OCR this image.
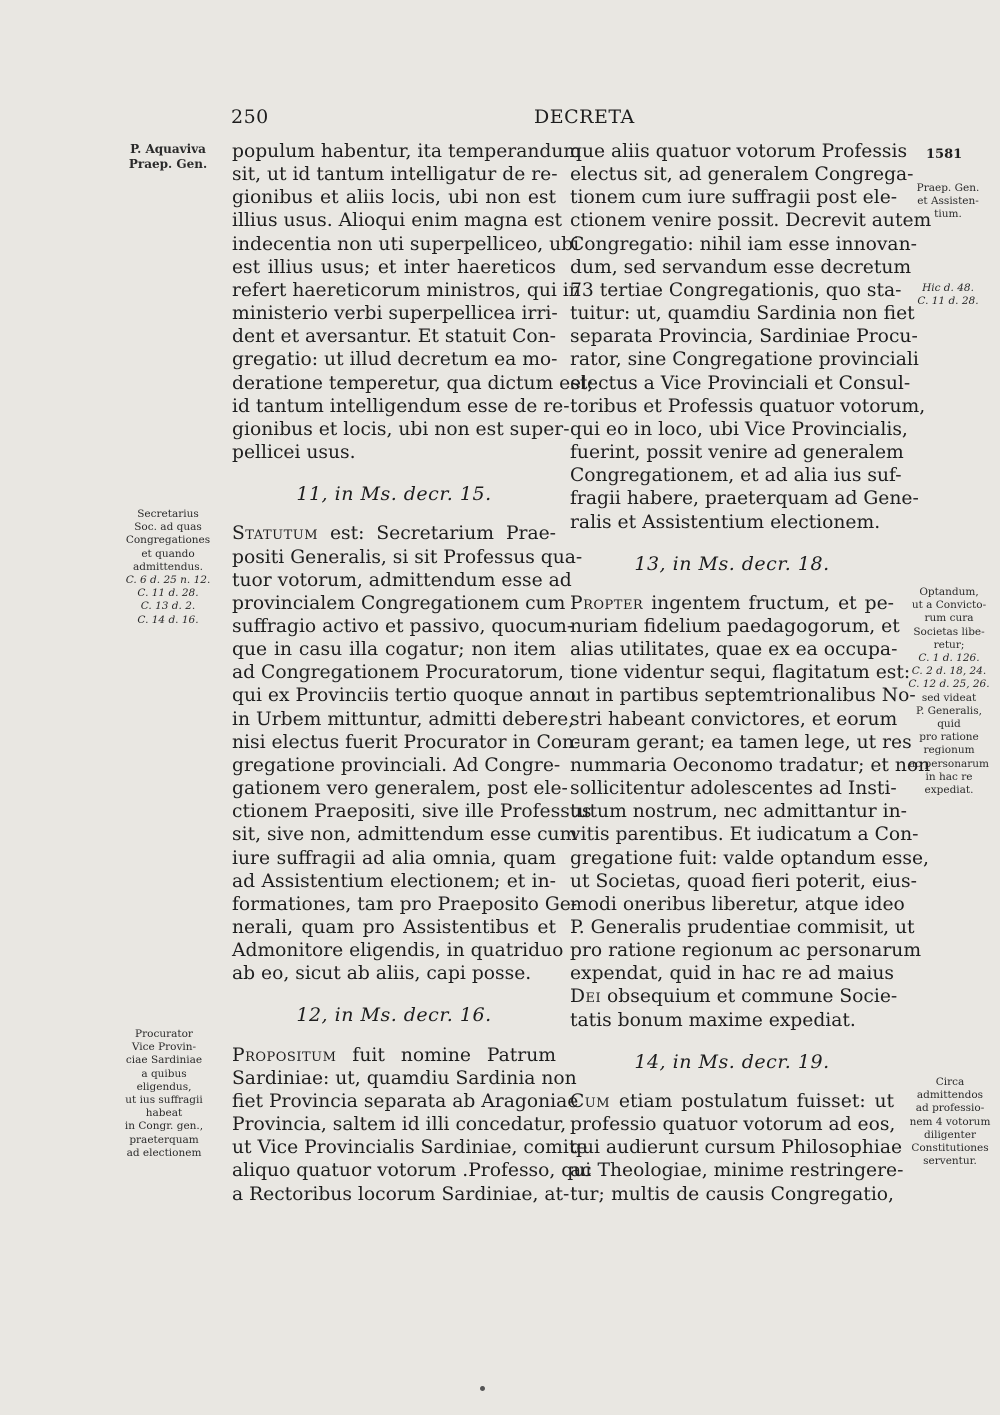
250	DECRETA
P. Aquaviva
Praep. Gen.
Secretarius
Soc. ad quas
Congregationes
et quando
admittendus.
C. 6 d. 25 n. 12.
C. 11 d. 28.
C. 13 d. 2.
C. 14 d. 16.
Procurator
Vice Provin-
ciae Sardiniae
a quibus
eligendus,
ut ius suffragii
habeat
in Congr. gen.,
praeterquam
ad electionem
1581
Praep. Gen.
et Assisten-
tium.
Hic d. 48.
C. 11 d. 28.
Optandum,
ut a Convicto-
rum cura
Societas libe-
retur;
C. 1 d. 126.
C. 2 d. 18, 24.
C. 12 d. 25, 26.
sed videat
P. Generalis,
quid
pro ratione
regionum
ac personarum
in hac re
expediat.
Circa
admittendos
ad professio-
nem 4 votorum
diligenter
Constitutiones
serventur.

populum habentur, ita temperandum
sit, ut id tantum intelligatur de re-
gionibus et aliis locis, ubi non est
illius usus. Alioqui enim magna est
indecentia non uti superpelliceo, ubi
est illius usus; et inter haereticos
refert haereticorum ministros, qui in
ministerio verbi superpellicea irri-
dent et aversantur. Et statuit Con-
gregatio: ut illud decretum ea mo-
deratione temperetur, qua dictum est;
id tantum intelligendum esse de re-
gionibus et locis, ubi non est super-
pellicei usus.

11, in Ms. decr. 15.

Statutum est: Secretarium Prae-
positi Generalis, si sit Professus qua-
tuor votorum, admittendum esse ad
provincialem Congregationem cum
suffragio activo et passivo, quocum-
que in casu illa cogatur; non item
ad Congregationem Procuratorum,
qui ex Provinciis tertio quoque anno
in Urbem mittuntur, admitti debere,
nisi electus fuerit Procurator in Con-
gregatione provinciali. Ad Congre-
gationem vero generalem, post ele-
ctionem Praepositi, sive ille Professus
sit, sive non, admittendum esse cum
iure suffragii ad alia omnia, quam
ad Assistentium electionem; et in-
formationes, tam pro Praeposito Ge-
nerali, quam pro Assistentibus et
Admonitore eligendis, in quatriduo
ab eo, sicut ab aliis, capi posse.

12, in Ms. decr. 16.

Propositum fuit nomine Patrum
Sardiniae: ut, quamdiu Sardinia non
fiet Provincia separata ab Aragoniae
Provincia, saltem id illi concedatur,
ut Vice Provincialis Sardiniae, comite
aliquo quatuor votorum .Professo, qui
a Rectoribus locorum Sardiniae, at-

que aliis quatuor votorum Professis
electus sit, ad generalem Congrega-
tionem cum iure suffragii post ele-
ctionem venire possit. Decrevit autem
Congregatio: nihil iam esse innovan-
dum, sed servandum esse decretum
73 tertiae Congregationis, quo sta-
tuitur: ut, quamdiu Sardinia non fiet
separata Provincia, Sardiniae Procu-
rator, sine Congregatione provinciali
electus a Vice Provinciali et Consul-
toribus et Professis quatuor votorum,
qui eo in loco, ubi Vice Provincialis,
fuerint, possit venire ad generalem
Congregationem, et ad alia ius suf-
fragii habere, praeterquam ad Gene-
ralis et Assistentium electionem.

13, in Ms. decr. 18.

Propter ingentem fructum, et pe-
nuriam fidelium paedagogorum, et
alias utilitates, quae ex ea occupa-
tione videntur sequi, flagitatum est:
ut in partibus septemtrionalibus No-
stri habeant convictores, et eorum
curam gerant; ea tamen lege, ut res
nummaria Oeconomo tradatur; et non
sollicitentur adolescentes ad Insti-
tutum nostrum, nec admittantur in-
vitis parentibus. Et iudicatum a Con-
gregatione fuit: valde optandum esse,
ut Societas, quoad fieri poterit, eius-
modi oneribus liberetur, atque ideo
P. Generalis prudentiae commisit, ut
pro ratione regionum ac personarum
expendat, quid in hac re ad maius
Dei obsequium et commune Socie-
tatis bonum maxime expediat.

14, in Ms. decr. 19.

Cum etiam postulatum fuisset: ut
professio quatuor votorum ad eos,
qui audierunt cursum Philosophiae
ac Theologiae, minime restringere-
tur; multis de causis Congregatio,
